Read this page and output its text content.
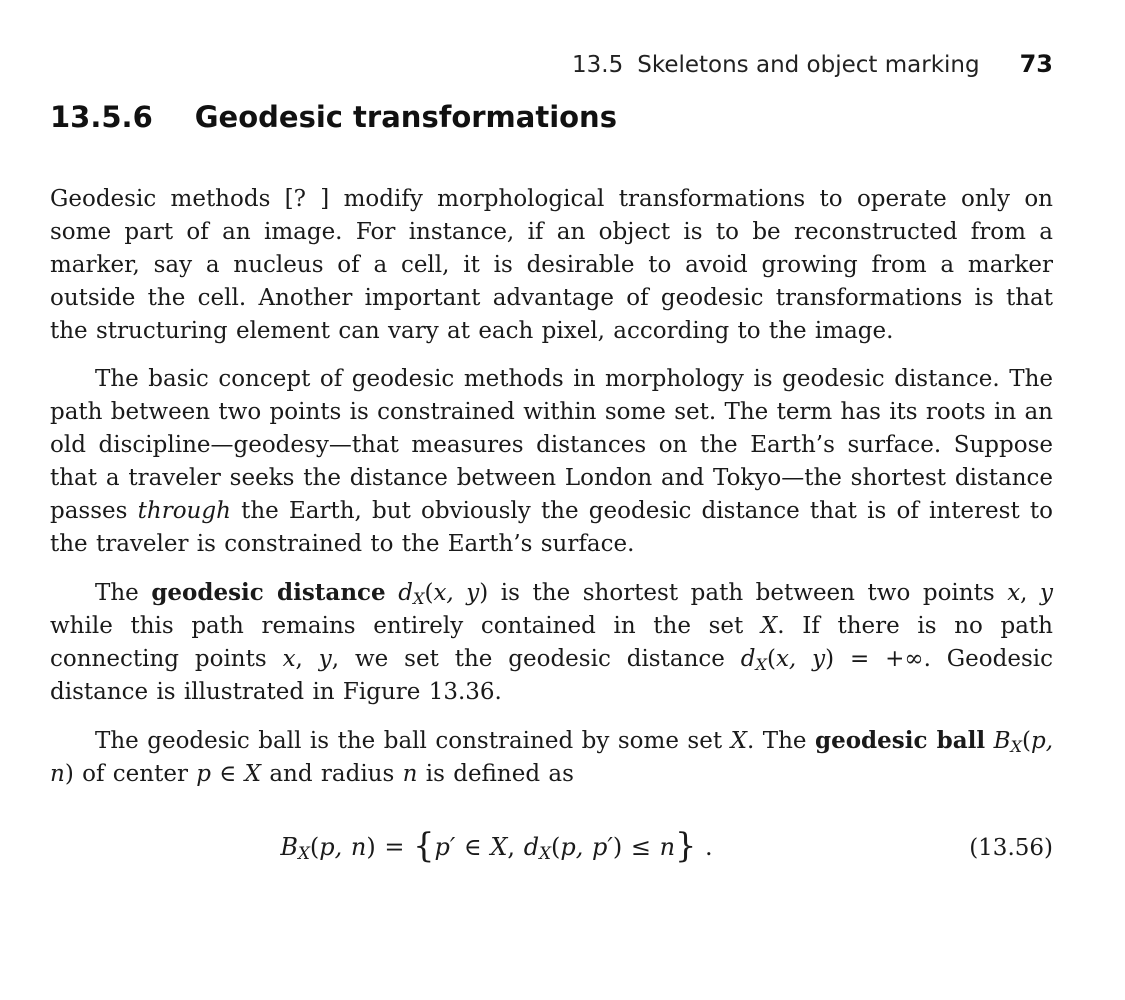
13.5 Skeletons and object marking 73
13.5.6 Geodesic transformations

Geodesic methods [? ] modify morphological transformations to operate only on some part of an image. For instance, if an object is to be reconstructed from a marker, say a nucleus of a cell, it is desirable to avoid growing from a marker outside the cell. Another important advantage of geodesic transformations is that the structuring element can vary at each pixel, according to the image.

The basic concept of geodesic methods in morphology is geodesic distance. The path between two points is constrained within some set. The term has its roots in an old discipline—geodesy—that measures distances on the Earth’s surface. Suppose that a traveler seeks the distance between London and Tokyo—the shortest distance passes through the Earth, but obviously the geodesic distance that is of interest to the traveler is constrained to the Earth’s surface.

The geodesic distance $d_X(x$, y) is the shortest path between two points x, y while this path remains entirely contained in the set X. If there is no path connecting points x, y, we set the geodesic distance $d_X(x$, y) = +∞. Geodesic distance is illustrated in Figure 13.36.

The geodesic ball is the ball constrained by some set X. The geodesic ball $B_X(p$, n) of center p ∈ X and radius n is defined as

$B_X(p$, n) = {p′ ∈ X, $d_X(p$, p′) ≤ n} .	(13.56)
